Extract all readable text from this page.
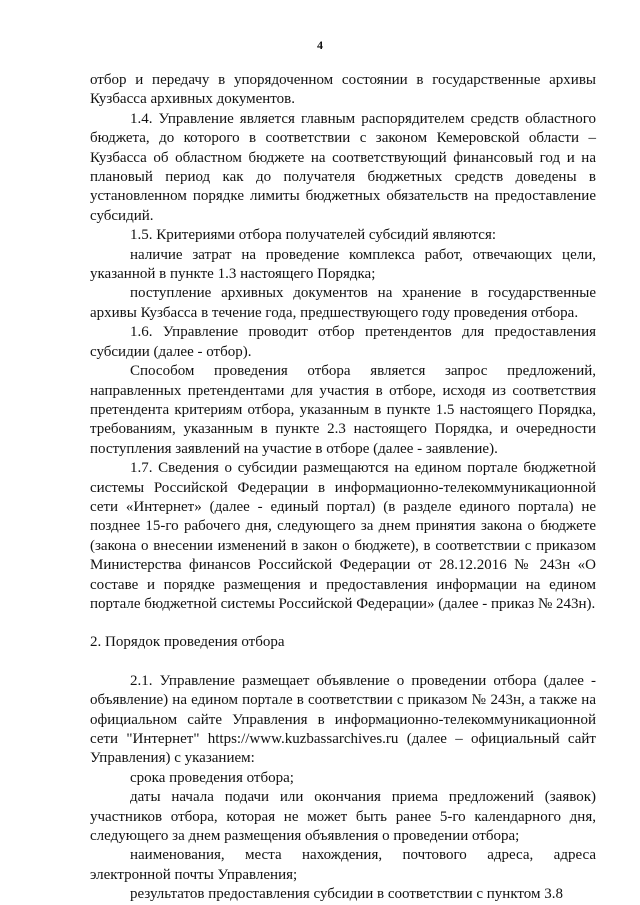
4

отбор и передачу в упорядоченном состоянии в государственные архивы Кузбасса архивных документов.

1.4. Управление является главным распорядителем средств областного бюджета, до которого в соответствии с законом Кемеровской области – Кузбасса об областном бюджете на соответствующий финансовый год и на плановый период как до получателя бюджетных средств доведены в установленном порядке лимиты бюджетных обязательств на предоставление субсидий.

1.5. Критериями отбора получателей субсидий являются:

наличие затрат на проведение комплекса работ, отвечающих цели, указанной в пункте 1.3 настоящего Порядка;

поступление архивных документов на хранение в государственные архивы Кузбасса в течение года, предшествующего году проведения отбора.

1.6. Управление проводит отбор претендентов для предоставления субсидии (далее - отбор).

Способом проведения отбора является запрос предложений, направленных претендентами для участия в отборе, исходя из соответствия претендента критериям отбора, указанным в пункте 1.5 настоящего Порядка, требованиям, указанным в пункте 2.3 настоящего Порядка, и очередности поступления заявлений на участие в отборе (далее - заявление).

1.7. Сведения о субсидии размещаются на едином портале бюджетной системы Российской Федерации в информационно-телекоммуникационной сети «Интернет» (далее - единый портал) (в разделе единого портала) не позднее 15-го рабочего дня, следующего за днем принятия закона о бюджете (закона о внесении изменений в закон о бюджете), в соответствии с приказом Министерства финансов Российской Федерации от 28.12.2016 № 243н «О составе и порядке размещения и предоставления информации на едином портале бюджетной системы Российской Федерации» (далее - приказ № 243н).

2. Порядок проведения отбора

2.1. Управление размещает объявление о проведении отбора (далее - объявление) на едином портале в соответствии с приказом № 243н, а также на официальном сайте Управления в информационно-телекоммуникационной сети "Интернет" https://www.kuzbassarchives.ru (далее – официальный сайт Управления) с указанием:

срока проведения отбора;

даты начала подачи или окончания приема предложений (заявок) участников отбора, которая не может быть ранее 5-го календарного дня, следующего за днем размещения объявления о проведении отбора;

наименования, места нахождения, почтового адреса, адреса электронной почты Управления;

результатов предоставления субсидии в соответствии с пунктом 3.8
